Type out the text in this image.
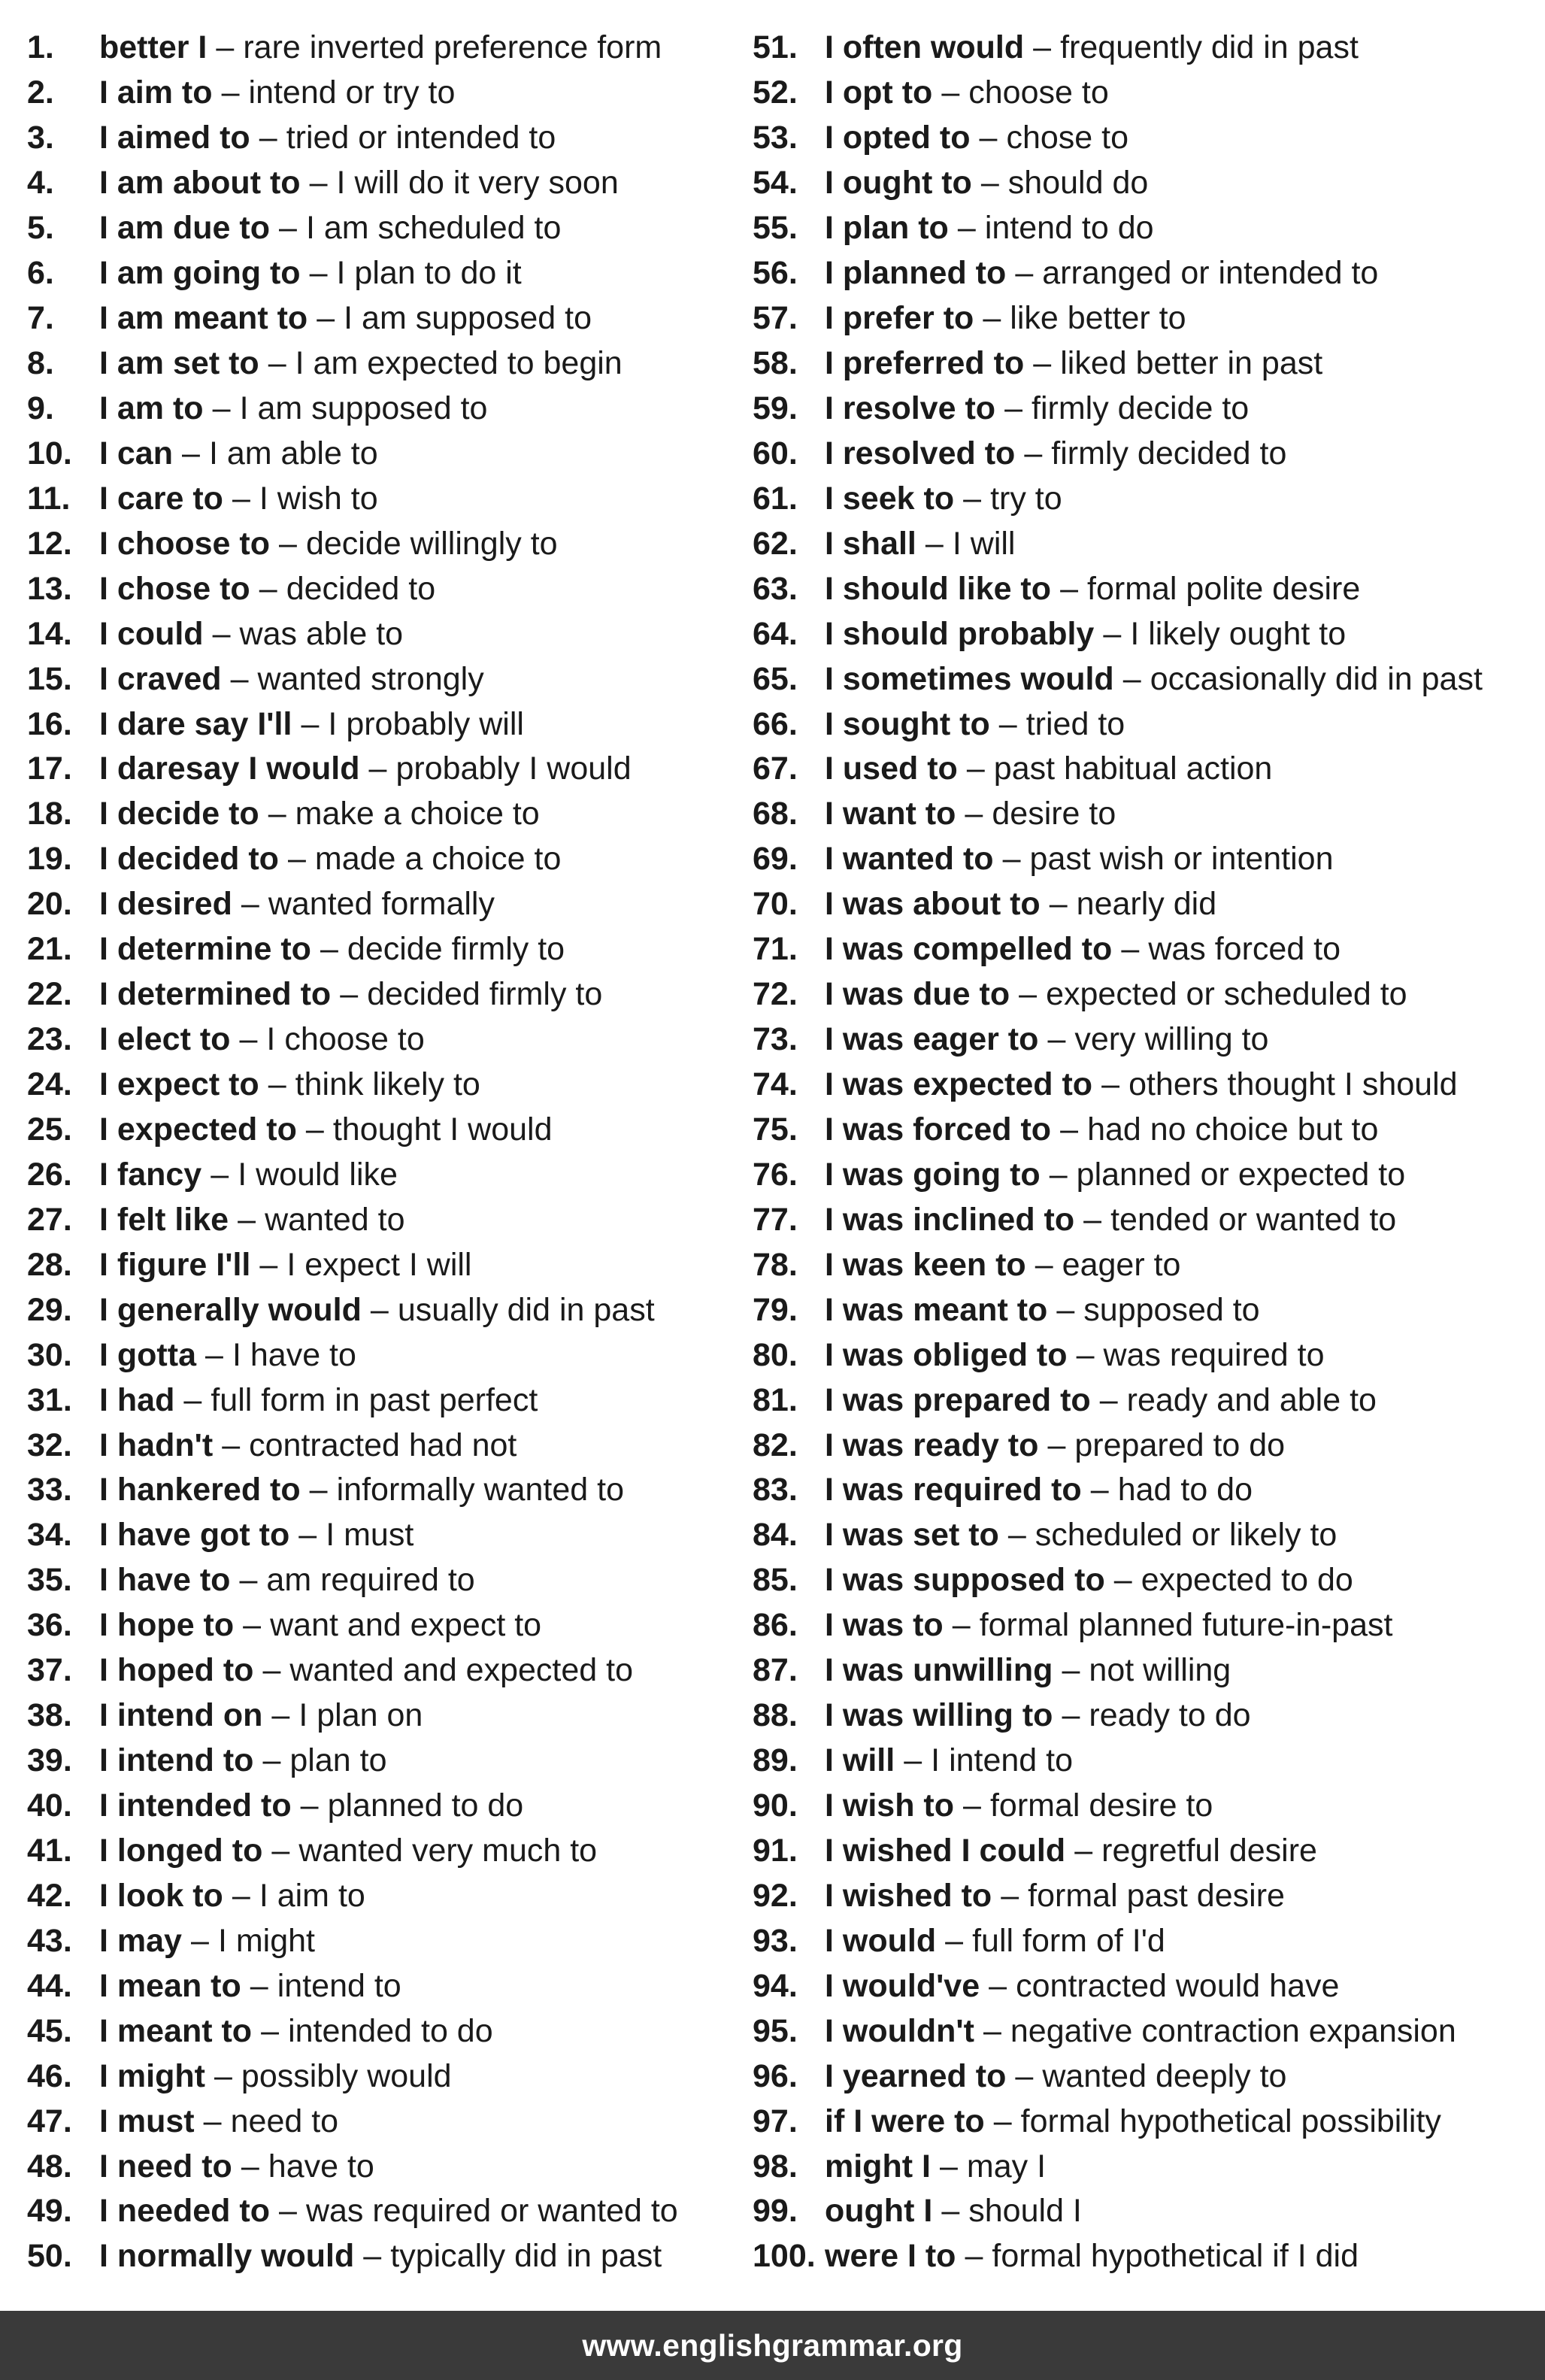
1.	better I – rare inverted preference form
2.	I aim to – intend or try to
3.	I aimed to – tried or intended to
4.	I am about to – I will do it very soon
5.	I am due to – I am scheduled to
6.	I am going to – I plan to do it
7.	I am meant to – I am supposed to
8.	I am set to – I am expected to begin
9.	I am to – I am supposed to
10. I can – I am able to
11. I care to – I wish to
12. I choose to – decide willingly to
13. I chose to – decided to
14. I could – was able to
15. I craved – wanted strongly
16. I dare say I'll – I probably will
17. I daresay I would – probably I would
18. I decide to – make a choice to
19. I decided to – made a choice to
20. I desired – wanted formally
21. I determine to – decide firmly to
22. I determined to – decided firmly to
23. I elect to – I choose to
24. I expect to – think likely to
25. I expected to – thought I would
26. I fancy – I would like
27. I felt like – wanted to
28. I figure I'll – I expect I will
29. I generally would – usually did in past
30. I gotta – I have to
31. I had – full form in past perfect
32. I hadn't – contracted had not
33. I hankered to – informally wanted to
34. I have got to – I must
35. I have to – am required to
36. I hope to – want and expect to
37. I hoped to – wanted and expected to
38. I intend on – I plan on
39. I intend to – plan to
40. I intended to – planned to do
41. I longed to – wanted very much to
42. I look to – I aim to
43. I may – I might
44. I mean to – intend to
45. I meant to – intended to do
46. I might – possibly would
47. I must – need to
48. I need to – have to
49. I needed to – was required or wanted to
50. I normally would – typically did in past
51. I often would – frequently did in past
52. I opt to – choose to
53. I opted to – chose to
54. I ought to – should do
55. I plan to – intend to do
56. I planned to – arranged or intended to
57. I prefer to – like better to
58. I preferred to – liked better in past
59. I resolve to – firmly decide to
60. I resolved to – firmly decided to
61. I seek to – try to
62. I shall – I will
63. I should like to – formal polite desire
64. I should probably – I likely ought to
65. I sometimes would – occasionally did in past
66. I sought to – tried to
67. I used to – past habitual action
68. I want to – desire to
69. I wanted to – past wish or intention
70. I was about to – nearly did
71. I was compelled to – was forced to
72. I was due to – expected or scheduled to
73. I was eager to – very willing to
74. I was expected to – others thought I should
75. I was forced to – had no choice but to
76. I was going to – planned or expected to
77. I was inclined to – tended or wanted to
78. I was keen to – eager to
79. I was meant to – supposed to
80. I was obliged to – was required to
81. I was prepared to – ready and able to
82. I was ready to – prepared to do
83. I was required to – had to do
84. I was set to – scheduled or likely to
85. I was supposed to – expected to do
86. I was to – formal planned future-in-past
87. I was unwilling – not willing
88. I was willing to – ready to do
89. I will – I intend to
90. I wish to – formal desire to
91. I wished I could – regretful desire
92. I wished to – formal past desire
93. I would – full form of I'd
94. I would've – contracted would have
95. I wouldn't – negative contraction expansion
96. I yearned to – wanted deeply to
97. if I were to – formal hypothetical possibility
98. might I – may I
99. ought I – should I
100. were I to – formal hypothetical if I did
www.englishgrammar.org
